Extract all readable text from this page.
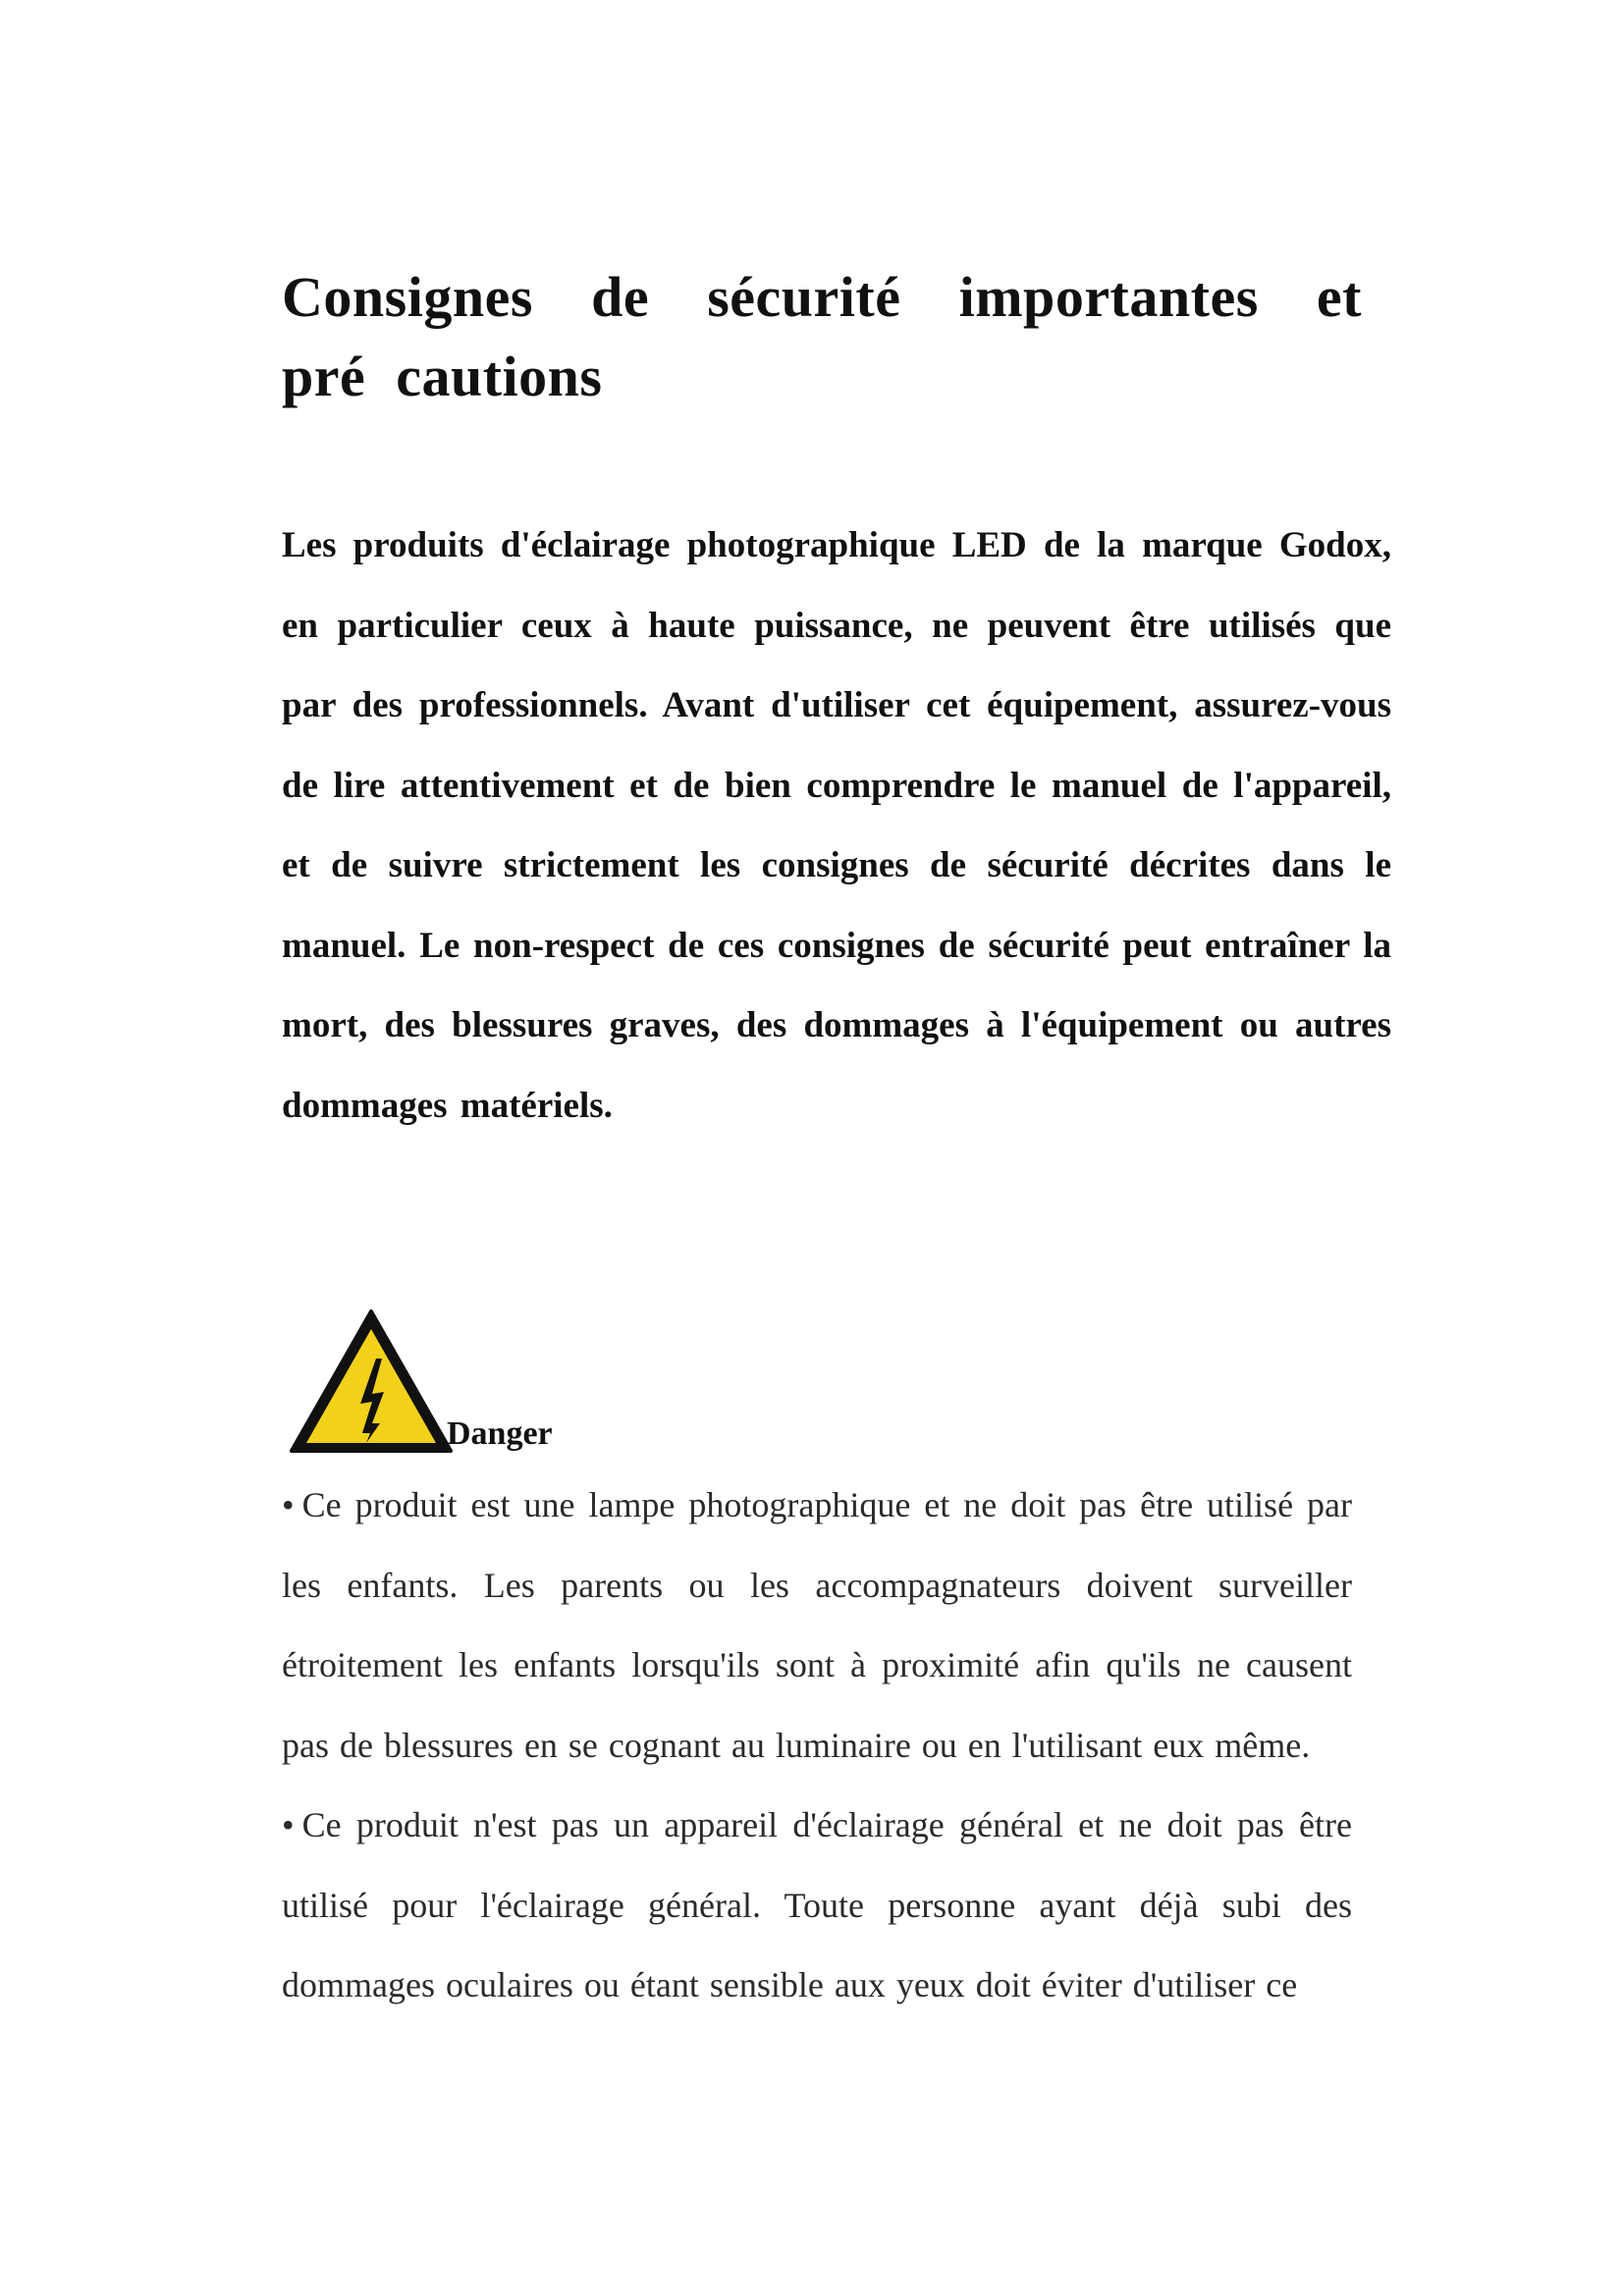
Consignes de sécurité importantes et pré cautions

Les produits d'éclairage photographique LED de la marque Godox, en particulier ceux à haute puissance, ne peuvent être utilisés que par des professionnels. Avant d'utiliser cet équipement, assurez-vous de lire attentivement et de bien comprendre le manuel de l'appareil, et de suivre strictement les consignes de sécurité décrites dans le manuel. Le non-respect de ces consignes de sécurité peut entraîner la mort, des blessures graves, des dommages à l'équipement ou autres dommages matériels.

Danger
• Ce produit est une lampe photographique et ne doit pas être utilisé par les enfants. Les parents ou les accompagnateurs doivent surveiller étroitement les enfants lorsqu'ils sont à proximité afin qu'ils ne causent pas de blessures en se cognant au luminaire ou en l'utilisant eux même.
• Ce produit n'est pas un appareil d'éclairage général et ne doit pas être utilisé pour l'éclairage général. Toute personne ayant déjà subi des dommages oculaires ou étant sensible aux yeux doit éviter d'utiliser ce
